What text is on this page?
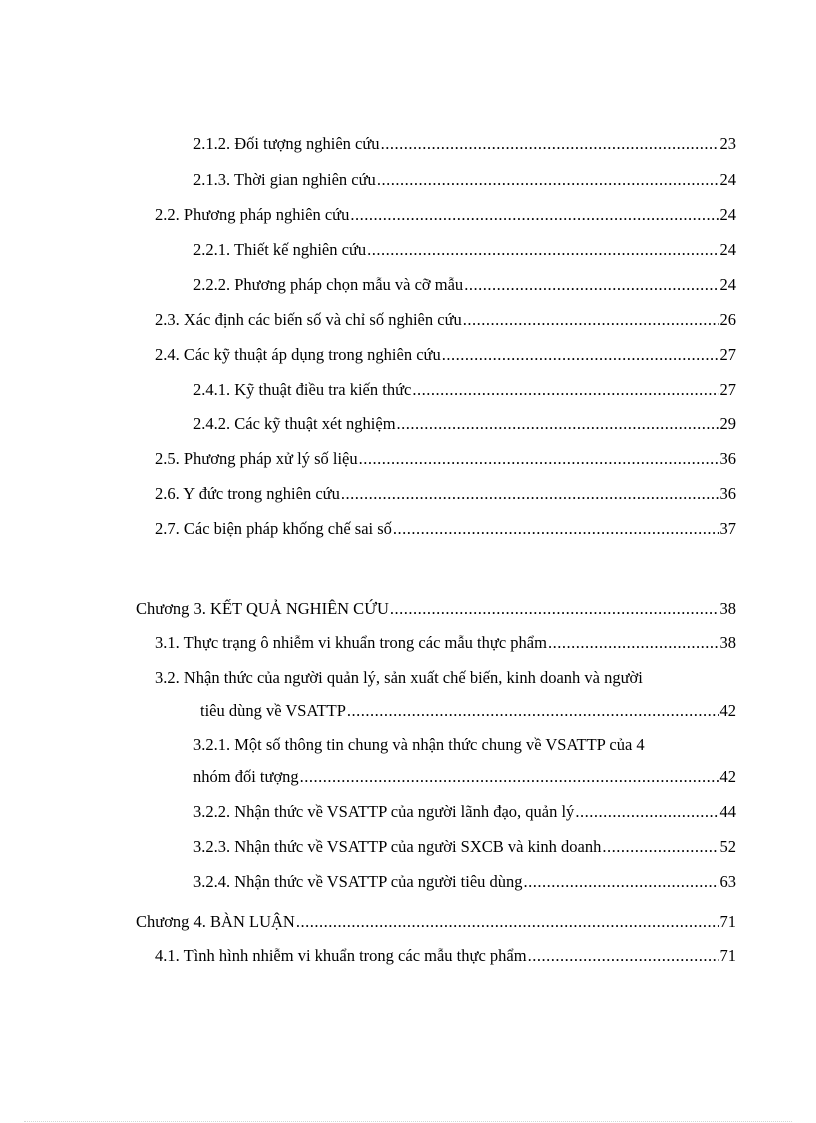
2.1.2. Đối tượng nghiên cứu .....	23
2.1.3. Thời gian nghiên cứu .....	24
2.2. Phương pháp nghiên cứu .....	24
2.2.1. Thiết kế nghiên cứu .....	24
2.2.2. Phương pháp chọn mẫu và cỡ mẫu .....	24
2.3. Xác định các biến số và chỉ số nghiên cứu .....	26
2.4. Các kỹ thuật áp dụng trong nghiên cứu .....	27
2.4.1. Kỹ thuật điều tra kiến thức .....	27
2.4.2. Các kỹ thuật xét nghiệm .....	29
2.5. Phương pháp xử lý số liệu .....	36
2.6. Y đức trong nghiên cứu .....	36
2.7. Các biện pháp khống chế sai số .....	37
Chương 3. KẾT QUẢ NGHIÊN CỨU .....	38
3.1. Thực trạng ô nhiễm vi khuẩn trong các mẫu thực phẩm .....	38
3.2. Nhận thức của người quản lý, sản xuất chế biến, kinh doanh và người
tiêu dùng về VSATTP .....	42
3.2.1. Một số thông tin chung và nhận thức chung về VSATTP của 4
nhóm đối tượng .....	42
3.2.2. Nhận thức về VSATTP của người lãnh đạo, quản lý .....	44
3.2.3. Nhận thức về VSATTP của người SXCB và kinh doanh .....	52
3.2.4. Nhận thức về VSATTP của người tiêu dùng .....	63
Chương 4. BÀN LUẬN .....	71
4.1. Tình hình nhiễm vi khuẩn trong các mẫu thực phẩm .....	71
